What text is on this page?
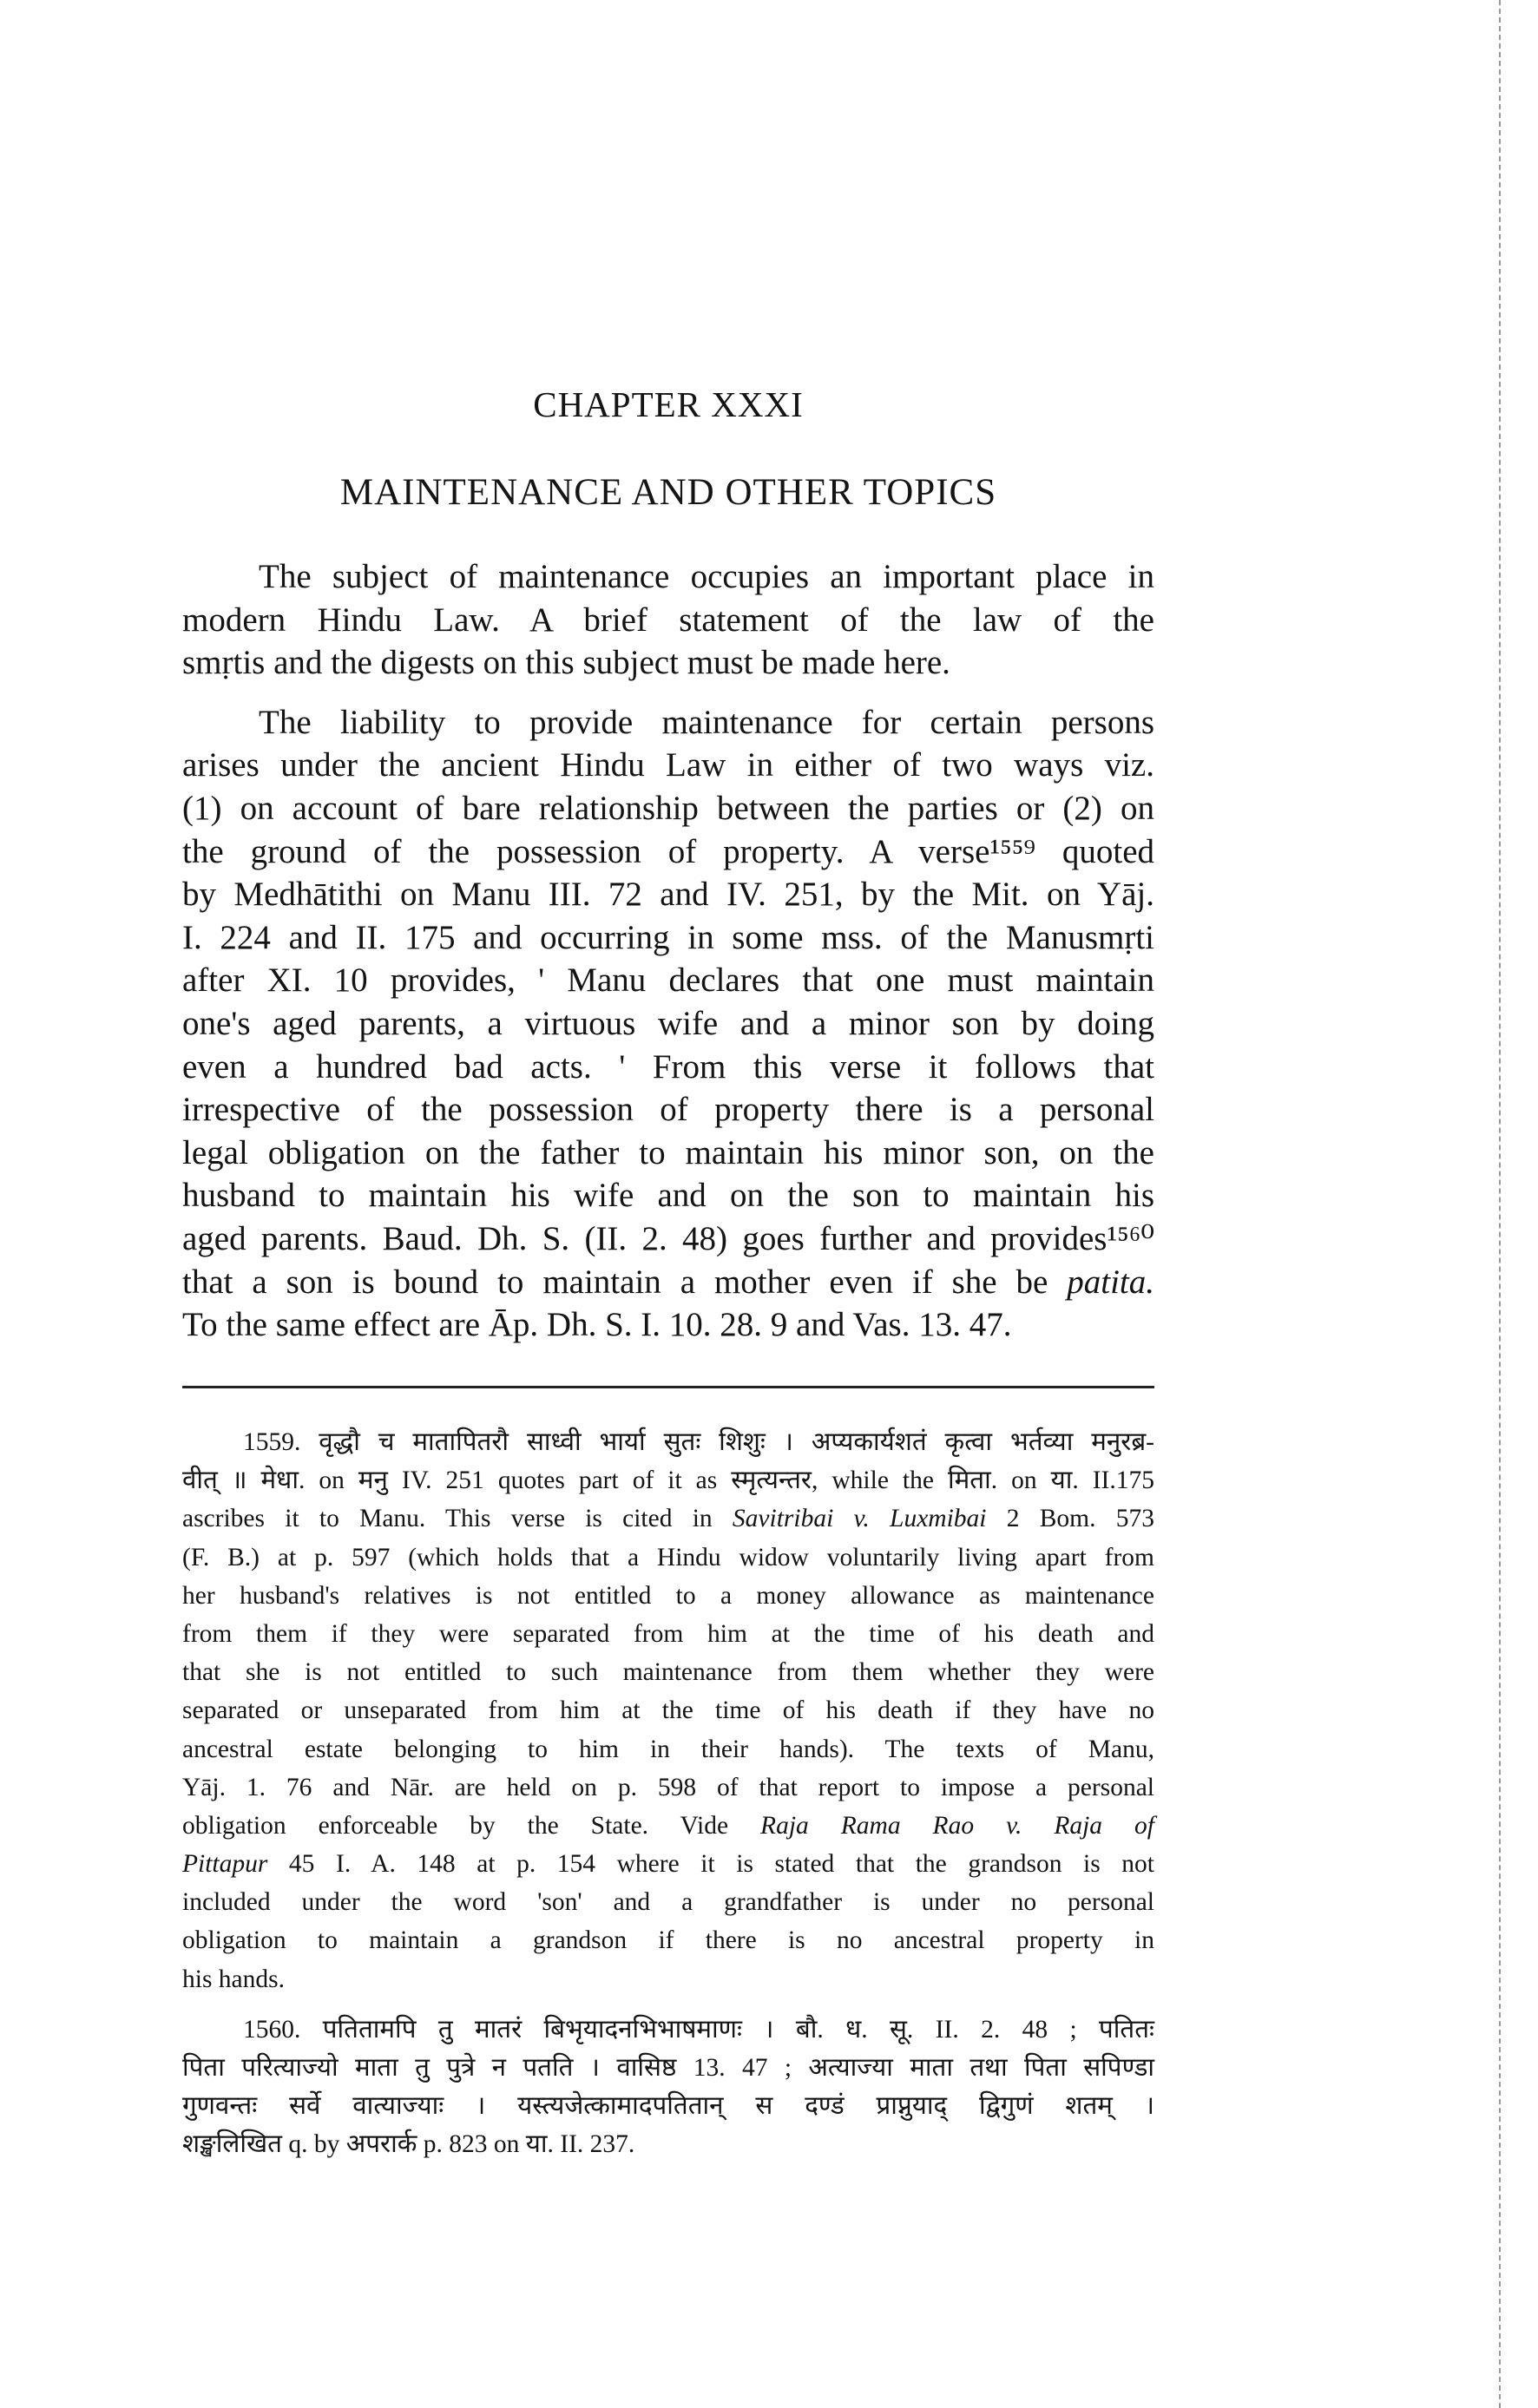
CHAPTER XXXI
MAINTENANCE AND OTHER TOPICS
The subject of maintenance occupies an important place in
modern Hindu Law. A brief statement of the law of the
smṛtis and the digests on this subject must be made here.
The liability to provide maintenance for certain persons
arises under the ancient Hindu Law in either of two ways viz.
(1) on account of bare relationship between the parties or (2) on
the ground of the possession of property. A verse¹⁵⁵⁹ quoted
by Medhātithi on Manu III. 72 and IV. 251, by the Mit. on Yāj.
I. 224 and II. 175 and occurring in some mss. of the Manusmṛti
after XI. 10 provides, ' Manu declares that one must maintain
one's aged parents, a virtuous wife and a minor son by doing
even a hundred bad acts. ' From this verse it follows that
irrespective of the possession of property there is a personal
legal obligation on the father to maintain his minor son, on the
husband to maintain his wife and on the son to maintain his
aged parents. Baud. Dh. S. (II. 2. 48) goes further and provides¹⁵⁶⁰
that a son is bound to maintain a mother even if she be patita.
To the same effect are Āp. Dh. S. I. 10. 28. 9 and Vas. 13. 47.
1559. वृद्धौ च मातापितरौ साध्वी भार्या सुतः शिशुः । अप्यकार्यशतं कृत्वा भर्तव्या मनुरब्र-
वीत् ॥ मेधा. on मनु IV. 251 quotes part of it as स्मृत्यन्तर, while the मिता. on या. II.175
ascribes it to Manu. This verse is cited in Savitribai v. Luxmibai 2 Bom. 573
(F. B.) at p. 597 (which holds that a Hindu widow voluntarily living apart from
her husband's relatives is not entitled to a money allowance as maintenance
from them if they were separated from him at the time of his death and
that she is not entitled to such maintenance from them whether they were
separated or unseparated from him at the time of his death if they have no
ancestral estate belonging to him in their hands). The texts of Manu,
Yāj. 1. 76 and Nār. are held on p. 598 of that report to impose a personal
obligation enforceable by the State. Vide Raja Rama Rao v. Raja of
Pittapur 45 I. A. 148 at p. 154 where it is stated that the grandson is not
included under the word 'son' and a grandfather is under no personal
obligation to maintain a grandson if there is no ancestral property in
his hands.
1560. पतितामपि तु मातरं बिभृयादनभिभाषमाणः । बौ. ध. सू. II. 2. 48 ; पतितः
पिता परित्याज्यो माता तु पुत्रे न पतति । वासिष्ठ 13. 47 ; अत्याज्या माता तथा पिता सपिण्डा
गुणवन्तः सर्वे वात्याज्याः । यस्त्यजेत्कामादपतितान् स दण्डं प्राप्नुयाद् द्विगुणं शतम् ।
शङ्खलिखित q. by अपरार्क p. 823 on या. II. 237.
